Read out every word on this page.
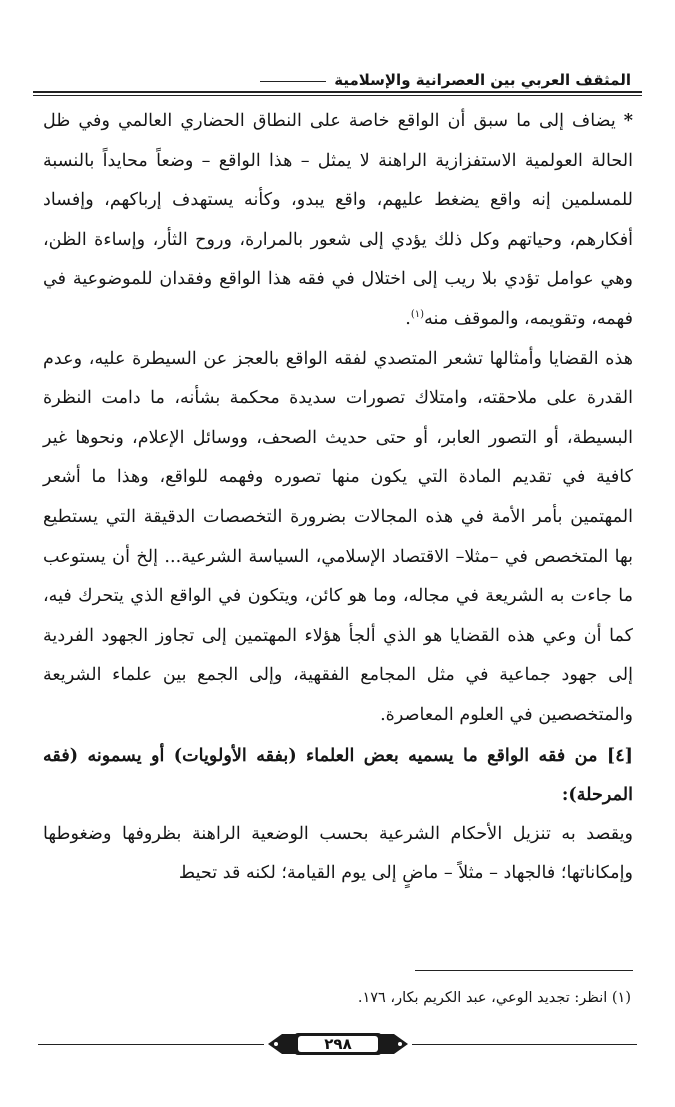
المثقف العربي بين العصرانية والإسلامية

* يضاف إلى ما سبق أن الواقع خاصة على النطاق الحضاري العالمي وفي ظل الحالة العولمية الاستفزازية الراهنة لا يمثل – هذا الواقع – وضعاً محايداً بالنسبة للمسلمين إنه واقع يضغط عليهم، واقع يبدو، وكأنه يستهدف إرباكهم، وإفساد أفكارهم، وحياتهم وكل ذلك يؤدي إلى شعور بالمرارة، وروح الثأر، وإساءة الظن، وهي عوامل تؤدي بلا ريب إلى اختلال في فقه هذا الواقع وفقدان للموضوعية في فهمه، وتقويمه، والموقف منه$^{(١)}$.

هذه القضايا وأمثالها تشعر المتصدي لفقه الواقع بالعجز عن السيطرة عليه، وعدم القدرة على ملاحقته، وامتلاك تصورات سديدة محكمة بشأنه، ما دامت النظرة البسيطة، أو التصور العابر، أو حتى حديث الصحف، ووسائل الإعلام، ونحوها غير كافية في تقديم المادة التي يكون منها تصوره وفهمه للواقع، وهذا ما أشعر المهتمين بأمر الأمة في هذه المجالات بضرورة التخصصات الدقيقة التي يستطيع بها المتخصص في –مثلا– الاقتصاد الإسلامي، السياسة الشرعية... إلخ أن يستوعب ما جاءت به الشريعة في مجاله، وما هو كائن، ويتكون في الواقع الذي يتحرك فيه، كما أن وعي هذه القضايا هو الذي ألجأ هؤلاء المهتمين إلى تجاوز الجهود الفردية إلى جهود جماعية في مثل المجامع الفقهية، وإلى الجمع بين علماء الشريعة والمتخصصين في العلوم المعاصرة.

[٤] من فقه الواقع ما يسميه بعض العلماء (بفقه الأولويات) أو يسمونه (فقه المرحلة):

ويقصد به تنزيل الأحكام الشرعية بحسب الوضعية الراهنة بظروفها وضغوطها وإمكاناتها؛ فالجهاد – مثلاً – ماضٍ إلى يوم القيامة؛ لكنه قد تحيط

(١) انظر: تجديد الوعي، عبد الكريم بكار، ١٧٦.
٢٩٨
